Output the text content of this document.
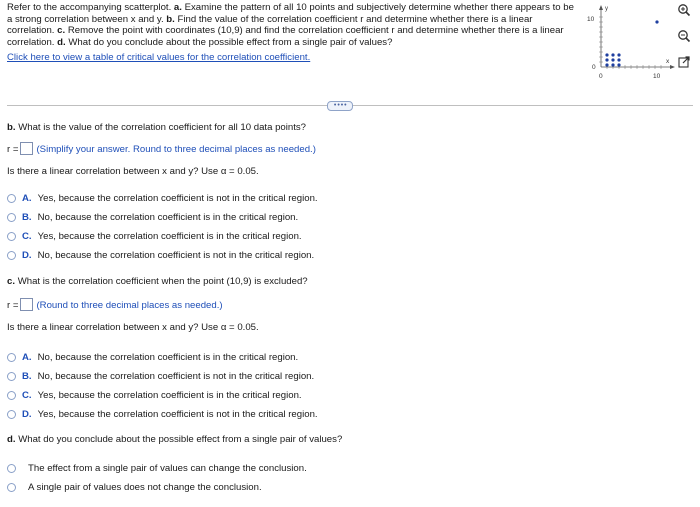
Refer to the accompanying scatterplot. a. Examine the pattern of all 10 points and subjectively determine whether there appears to be
a strong correlation between x and y. b. Find the value of the correlation coefficient r and determine whether there is a linear
correlation. c. Remove the point with coordinates (10,9) and find the correlation coefficient r and determine whether there is a linear
correlation. d. What do you conclude about the possible effect from a single pair of values?
Click here to view a table of critical values for the correlation coefficient.
y
10
0
0	10
x
• • • •
b. What is the value of the correlation coefficient for all 10 data points?
r = (Simplify your answer. Round to three decimal places as needed.)
Is there a linear correlation between x and y? Use α = 0.05.
A. Yes, because the correlation coefficient is not in the critical region.
B. No, because the correlation coefficient is in the critical region.
C. Yes, because the correlation coefficient is in the critical region.
D. No, because the correlation coefficient is not in the critical region.
c. What is the correlation coefficient when the point (10,9) is excluded?
r = (Round to three decimal places as needed.)
Is there a linear correlation between x and y? Use α = 0.05.
A. No, because the correlation coefficient is in the critical region.
B. No, because the correlation coefficient is not in the critical region.
C. Yes, because the correlation coefficient is in the critical region.
D. Yes, because the correlation coefficient is not in the critical region.
d. What do you conclude about the possible effect from a single pair of values?
The effect from a single pair of values can change the conclusion.
A single pair of values does not change the conclusion.
